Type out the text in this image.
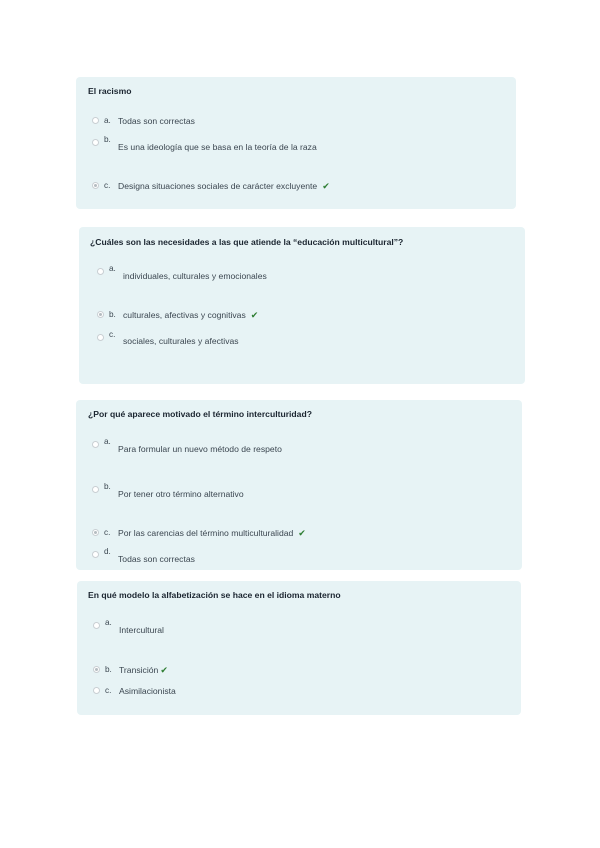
El racismo
a. Todas son correctas
b.
Es una ideología que se basa en la teoría de la raza
c. Designa situaciones sociales de carácter excluyente ✔
¿Cuáles son las necesidades a las que atiende la “educación multicultural”?
a.
individuales, culturales y emocionales
b. culturales, afectivas y cognitivas ✔
c.
sociales, culturales y afectivas
¿Por qué aparece motivado el término interculturidad?
a.
Para formular un nuevo método de respeto
b.
Por tener otro término alternativo
c. Por las carencias del término multiculturalidad ✔
d.
Todas son correctas
En qué modelo la alfabetización se hace en el idioma materno
a.
Intercultural
b. Transición ✔
c. Asimilacionista
